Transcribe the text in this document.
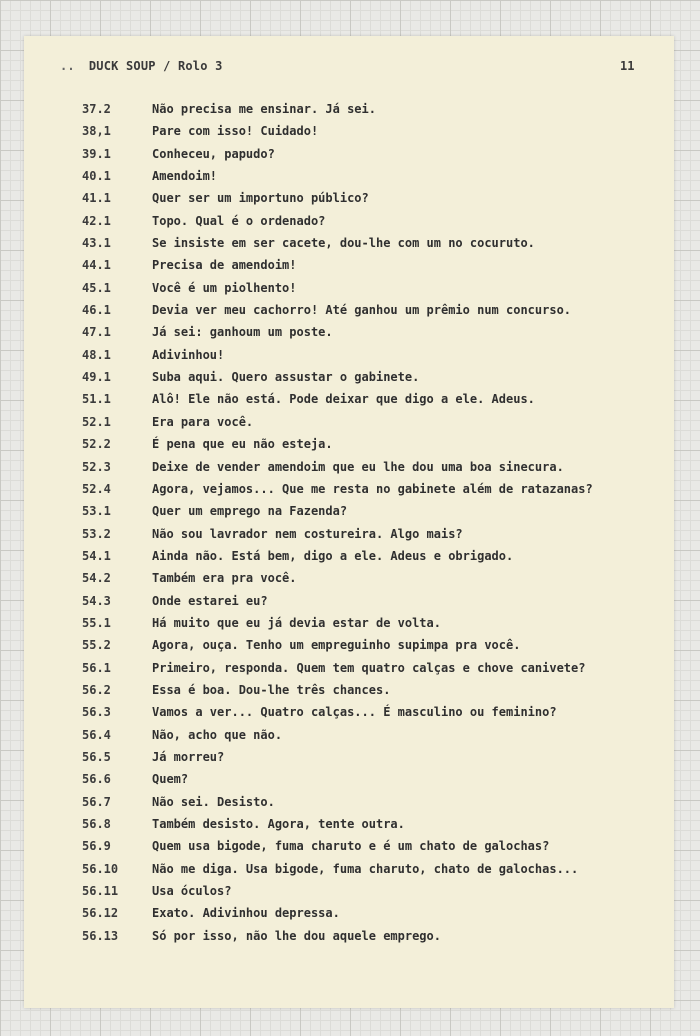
.. DUCK SOUP / Rolo 3	11
37.2	Não precisa me ensinar. Já sei.
38,1	Pare com isso! Cuidado!
39.1	Conheceu, papudo?
40.1	Amendoim!
41.1	Quer ser um importuno público?
42.1	Topo. Qual é o ordenado?
43.1	Se insiste em ser cacete, dou-lhe com um no cocuruto.
44.1	Precisa de amendoim!
45.1	Você é um piolhento!
46.1	Devia ver meu cachorro! Até ganhou um prêmio num concurso.
47.1	Já sei: ganhoum um poste.
48.1	Adivinhou!
49.1	Suba aqui. Quero assustar o gabinete.
51.1	Alô! Ele não está. Pode deixar que digo a ele. Adeus.
52.1	Era para você.
52.2	É pena que eu não esteja.
52.3	Deixe de vender amendoim que eu lhe dou uma boa sinecura.
52.4	Agora, vejamos... Que me resta no gabinete além de ratazanas?
53.1	Quer um emprego na Fazenda?
53.2	Não sou lavrador nem costureira. Algo mais?
54.1	Ainda não. Está bem, digo a ele. Adeus e obrigado.
54.2	Também era pra você.
54.3	Onde estarei eu?
55.1	Há muito que eu já devia estar de volta.
55.2	Agora, ouça. Tenho um empreguinho supimpa pra você.
56.1	Primeiro, responda. Quem tem quatro calças e chove canivete?
56.2	Essa é boa. Dou-lhe três chances.
56.3	Vamos a ver... Quatro calças... É masculino ou feminino?
56.4	Não, acho que não.
56.5	Já morreu?
56.6	Quem?
56.7	Não sei. Desisto.
56.8	Também desisto. Agora, tente outra.
56.9	Quem usa bigode, fuma charuto e é um chato de galochas?
56.10	Não me diga. Usa bigode, fuma charuto, chato de galochas...
56.11	Usa óculos?
56.12	Exato. Adivinhou depressa.
56.13	Só por isso, não lhe dou aquele emprego.
